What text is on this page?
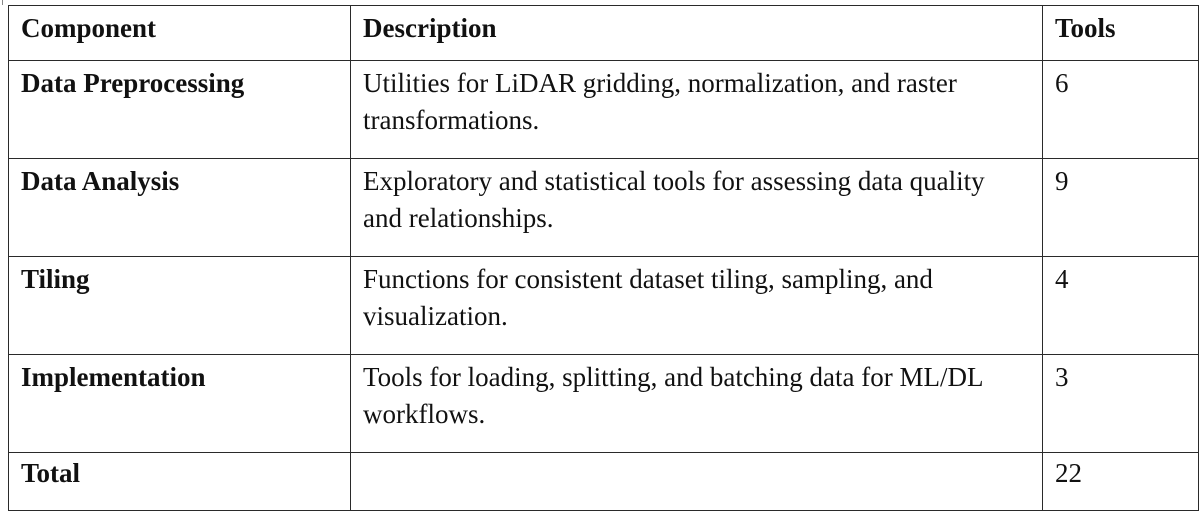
Component	Description	Tools
Data Preprocessing	Utilities for LiDAR gridding, normalization, and raster transformations.	6
Data Analysis	Exploratory and statistical tools for assessing data quality and relationships.	9
Tiling	Functions for consistent dataset tiling, sampling, and visualization.	4
Implementation	Tools for loading, splitting, and batching data for ML/DL workflows.	3
Total		22
